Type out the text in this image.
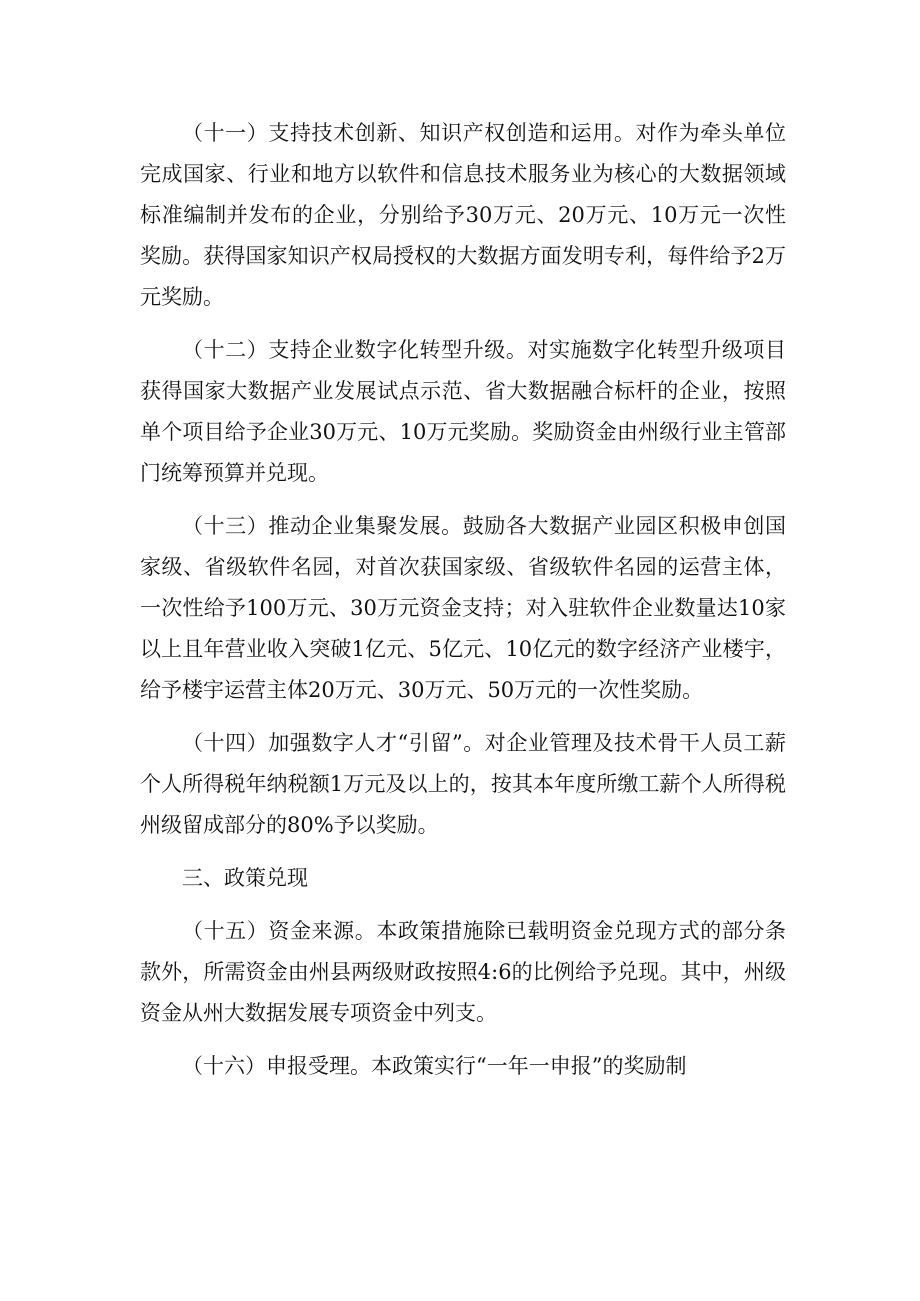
（十一）支持技术创新、知识产权创造和运用。对作为牵头单位完成国家、行业和地方以软件和信息技术服务业为核心的大数据领域标准编制并发布的企业，分别给予30万元、20万元、10万元一次性奖励。获得国家知识产权局授权的大数据方面发明专利，每件给予2万元奖励。

（十二）支持企业数字化转型升级。对实施数字化转型升级项目获得国家大数据产业发展试点示范、省大数据融合标杆的企业，按照单个项目给予企业30万元、10万元奖励。奖励资金由州级行业主管部门统筹预算并兑现。

（十三）推动企业集聚发展。鼓励各大数据产业园区积极申创国家级、省级软件名园，对首次获国家级、省级软件名园的运营主体，一次性给予100万元、30万元资金支持；对入驻软件企业数量达10家以上且年营业收入突破1亿元、5亿元、10亿元的数字经济产业楼宇，给予楼宇运营主体20万元、30万元、50万元的一次性奖励。

（十四）加强数字人才“引留”。对企业管理及技术骨干人员工薪个人所得税年纳税额1万元及以上的，按其本年度所缴工薪个人所得税州级留成部分的80%予以奖励。

三、政策兑现

（十五）资金来源。本政策措施除已载明资金兑现方式的部分条款外，所需资金由州县两级财政按照4:6的比例给予兑现。其中，州级资金从州大数据发展专项资金中列支。

（十六）申报受理。本政策实行“一年一申报”的奖励制
